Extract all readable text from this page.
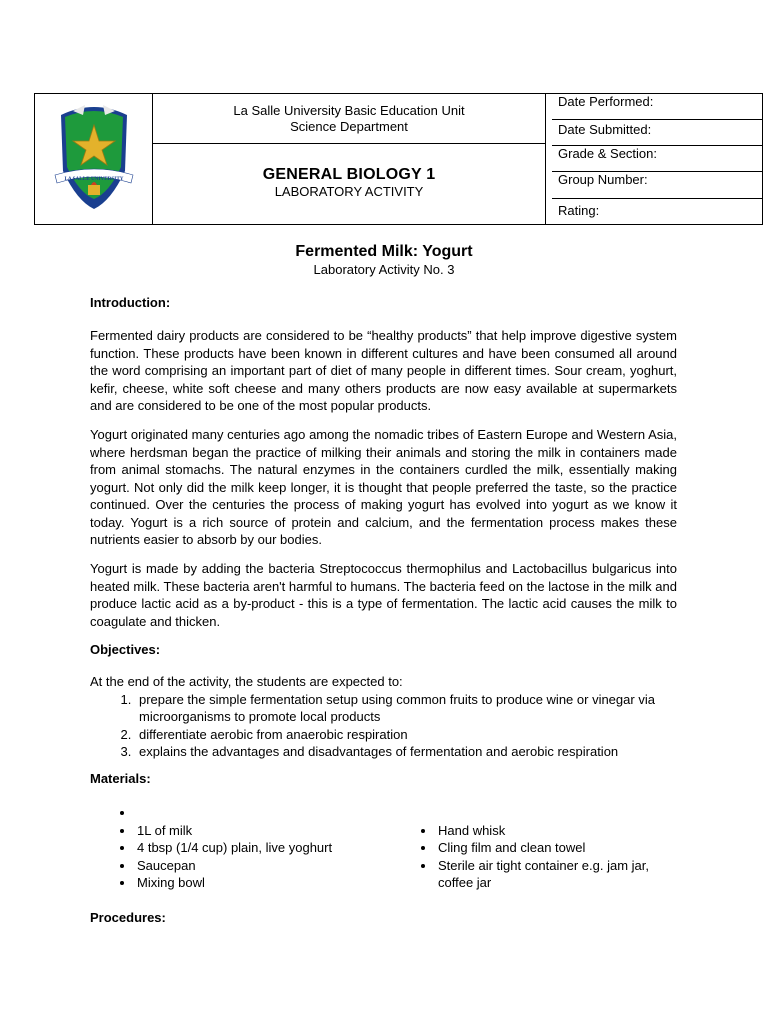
LA SALLE UNIVERSITY

La Salle University Basic Education Unit
Science Department

Date Performed:
Date Submitted:
Grade & Section:
Group Number:
Rating:

GENERAL BIOLOGY 1
LABORATORY ACTIVITY
Fermented Milk: Yogurt
Laboratory Activity No. 3
Introduction:
Fermented dairy products are considered to be “healthy products” that help improve digestive system function. These products have been known in different cultures and have been consumed all around the word comprising an important part of diet of many people in different times. Sour cream, yoghurt, kefir, cheese, white soft cheese and many others products are now easy available at supermarkets and are considered to be one of the most popular products.
Yogurt originated many centuries ago among the nomadic tribes of Eastern Europe and Western Asia, where herdsman began the practice of milking their animals and storing the milk in containers made from animal stomachs. The natural enzymes in the containers curdled the milk, essentially making yogurt. Not only did the milk keep longer, it is thought that people preferred the taste, so the practice continued. Over the centuries the process of making yogurt has evolved into yogurt as we know it today. Yogurt is a rich source of protein and calcium, and the fermentation process makes these nutrients easier to absorb by our bodies.
Yogurt is made by adding the bacteria Streptococcus thermophilus and Lactobacillus bulgaricus into heated milk. These bacteria aren't harmful to humans. The bacteria feed on the lactose in the milk and produce lactic acid as a by-product - this is a type of fermentation. The lactic acid causes the milk to coagulate and thicken.
Objectives:
At the end of the activity, the students are expected to:
1. prepare the simple fermentation setup using common fruits to produce wine or vinegar via microorganisms to promote local products
2. differentiate aerobic from anaerobic respiration
3. explains the advantages and disadvantages of fermentation and aerobic respiration
Materials:
•
• 1L of milk
• 4 tbsp (1/4 cup) plain, live yoghurt
• Saucepan
• Mixing bowl
• Hand whisk
• Cling film and clean towel
• Sterile air tight container e.g. jam jar, coffee jar
Procedures:
